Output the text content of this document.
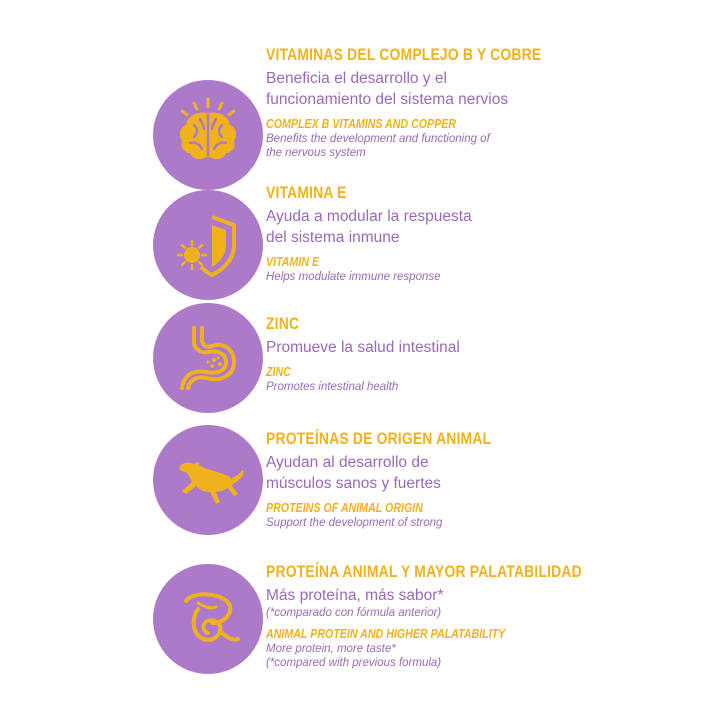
VITAMINAS DEL COMPLEJO B Y COBRE
Beneficia el desarrollo y el
funcionamiento del sistema nervios
COMPLEX B VITAMINS AND COPPER
Benefits the development and functioning of
the nervous system
VITAMINA E
Ayuda a modular la respuesta
del sistema inmune
VITAMIN E
Helps modulate immune response
ZINC
Promueve la salud intestinal
ZINC
Promotes intestinal health
PROTEÍNAS DE ORIGEN ANIMAL
Ayudan al desarrollo de
músculos sanos y fuertes
PROTEINS OF ANIMAL ORIGIN
Support the development of strong
PROTEÍNA ANIMAL Y MAYOR PALATABILIDAD
Más proteína, más sabor*
(*comparado con fórmula anterior)
ANIMAL PROTEIN AND HIGHER PALATABILITY
More protein, more taste*
(*compared with previous formula)
